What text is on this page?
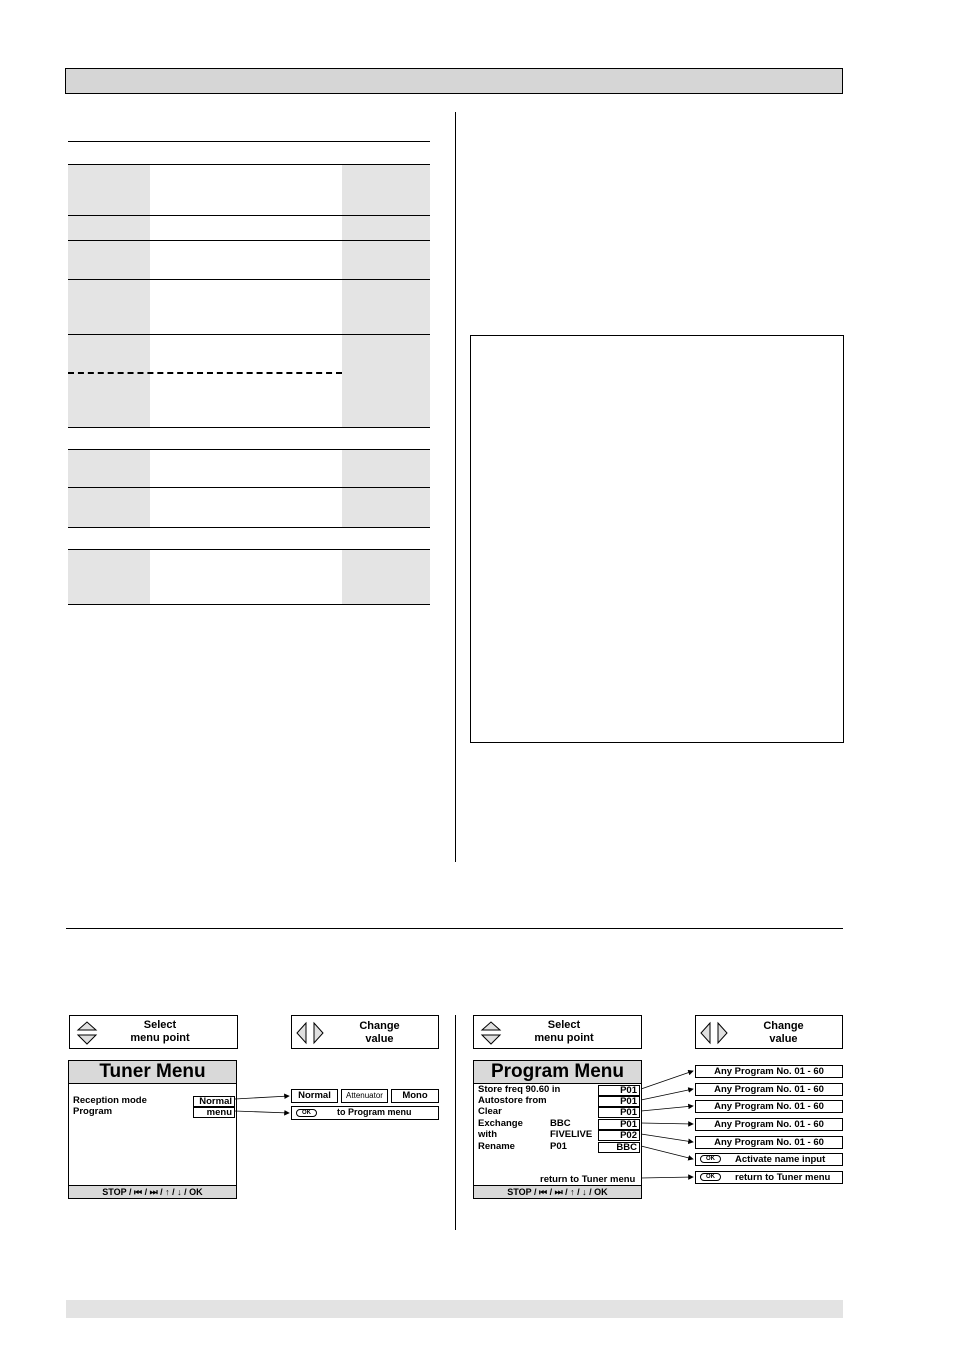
Select
menu point
Change
value
Tuner Menu
Reception mode	Normal
Program	menu
STOP / ⏮ / ⏭ / ↑ / ↓ / OK
Normal	Attenuator	Mono
OK	to Program menu
Select
menu point
Change
value
Program Menu
Store freq 90.60 in	P01
Autostore from	P01
Clear	P01
Exchange	BBC	P01
with	FIVELIVE	P02
Rename	P01	BBC
return to Tuner menu
STOP / ⏮ / ⏭ / ↑ / ↓ / OK
Any Program No. 01 - 60
Any Program No. 01 - 60
Any Program No. 01 - 60
Any Program No. 01 - 60
Any Program No. 01 - 60
OK Activate name input
OK return to Tuner menu
